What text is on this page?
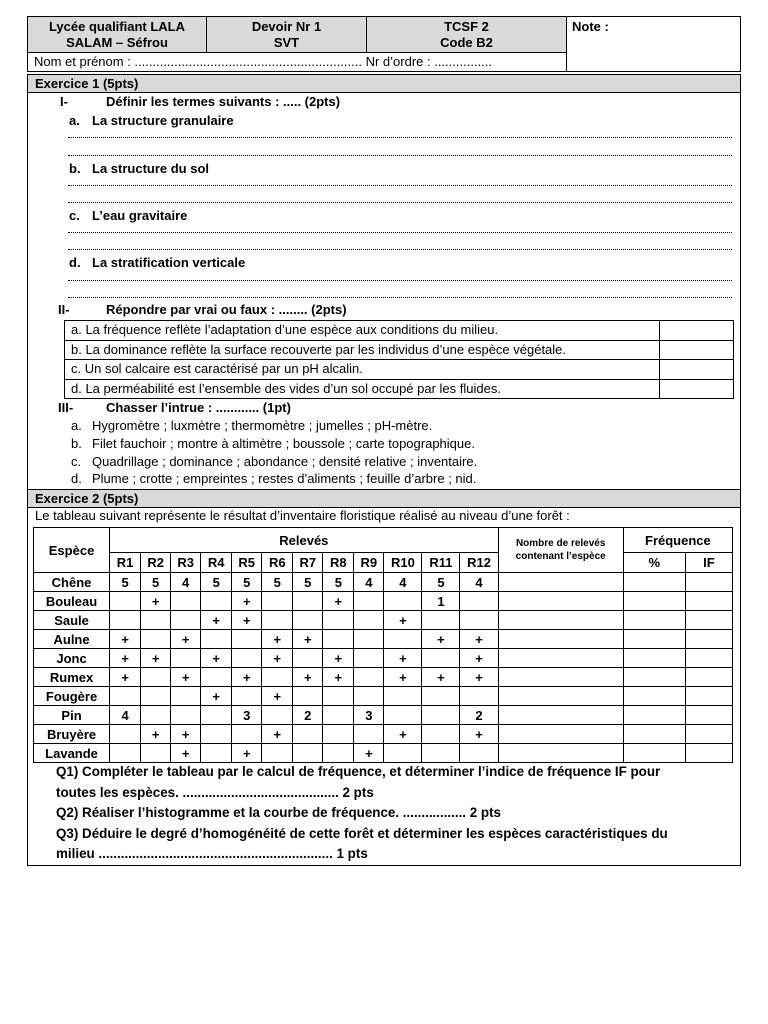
Lycée qualifiant LALA
SALAM – Séfrou

Devoir Nr 1
SVT

TCSF 2
Code B2
	Note :
Nom et prénom : ............................................................... Nr d’ordre : ................
Exercice 1 (5pts)
I-	Définir les termes suivants : ..... (2pts)
a. La structure granulaire
b. La structure du sol
c. L’eau gravitaire
d. La stratification verticale
II-	Répondre par vrai ou faux : ........ (2pts)
a. La fréquence reflète l’adaptation d’une espèce aux conditions du milieu.	
b. La dominance reflète la surface recouverte par les individus d’une espèce végétale.	
c. Un sol calcaire est caractérisé par un pH alcalin.	
d. La perméabilité est l’ensemble des vides d’un sol occupé par les fluides.	
III-	Chasser l’intrue : ............ (1pt)
a. Hygromètre ; luxmètre ; thermomètre ; jumelles ; pH-mètre.
b. Filet fauchoir ; montre à altimètre ; boussole ; carte topographique.
c. Quadrillage ; dominance ; abondance ; densité relative ; inventaire.
d. Plume ; crotte ; empreintes ; restes d’aliments ; feuille d’arbre ; nid.
Exercice 2 (5pts)
Le tableau suivant représente le résultat d’inventaire floristique réalisé au niveau d’une forêt :
Espèce	Relevés												Nombre de relevés contenant l’espèce	Fréquence	
	R1	R2	R3	R4	R5	R6	R7	R8	R9	R10	R11	R12		%	IF
Chêne	5	5	4	5	5	5	5	5	4	4	5	4			
Bouleau		+			+			+			1				
Saule				+	+					+					
Aulne	+		+			+	+				+	+			
Jonc	+	+		+		+		+		+		+			
Rumex	+		+		+		+	+		+	+	+			
Fougère				+		+									
Pin	4				3		2		3			2			
Bruyère		+	+			+				+		+			
Lavande			+		+				+						
Q1) Compléter le tableau par le calcul de fréquence, et déterminer l’indice de fréquence IF pour
toutes les espèces. .......................................... 2 pts
Q2) Réaliser l’histogramme et la courbe de fréquence. ................. 2 pts
Q3) Déduire le degré d’homogénéité de cette forêt et déterminer les espèces caractéristiques du
milieu ............................................................... 1 pts
